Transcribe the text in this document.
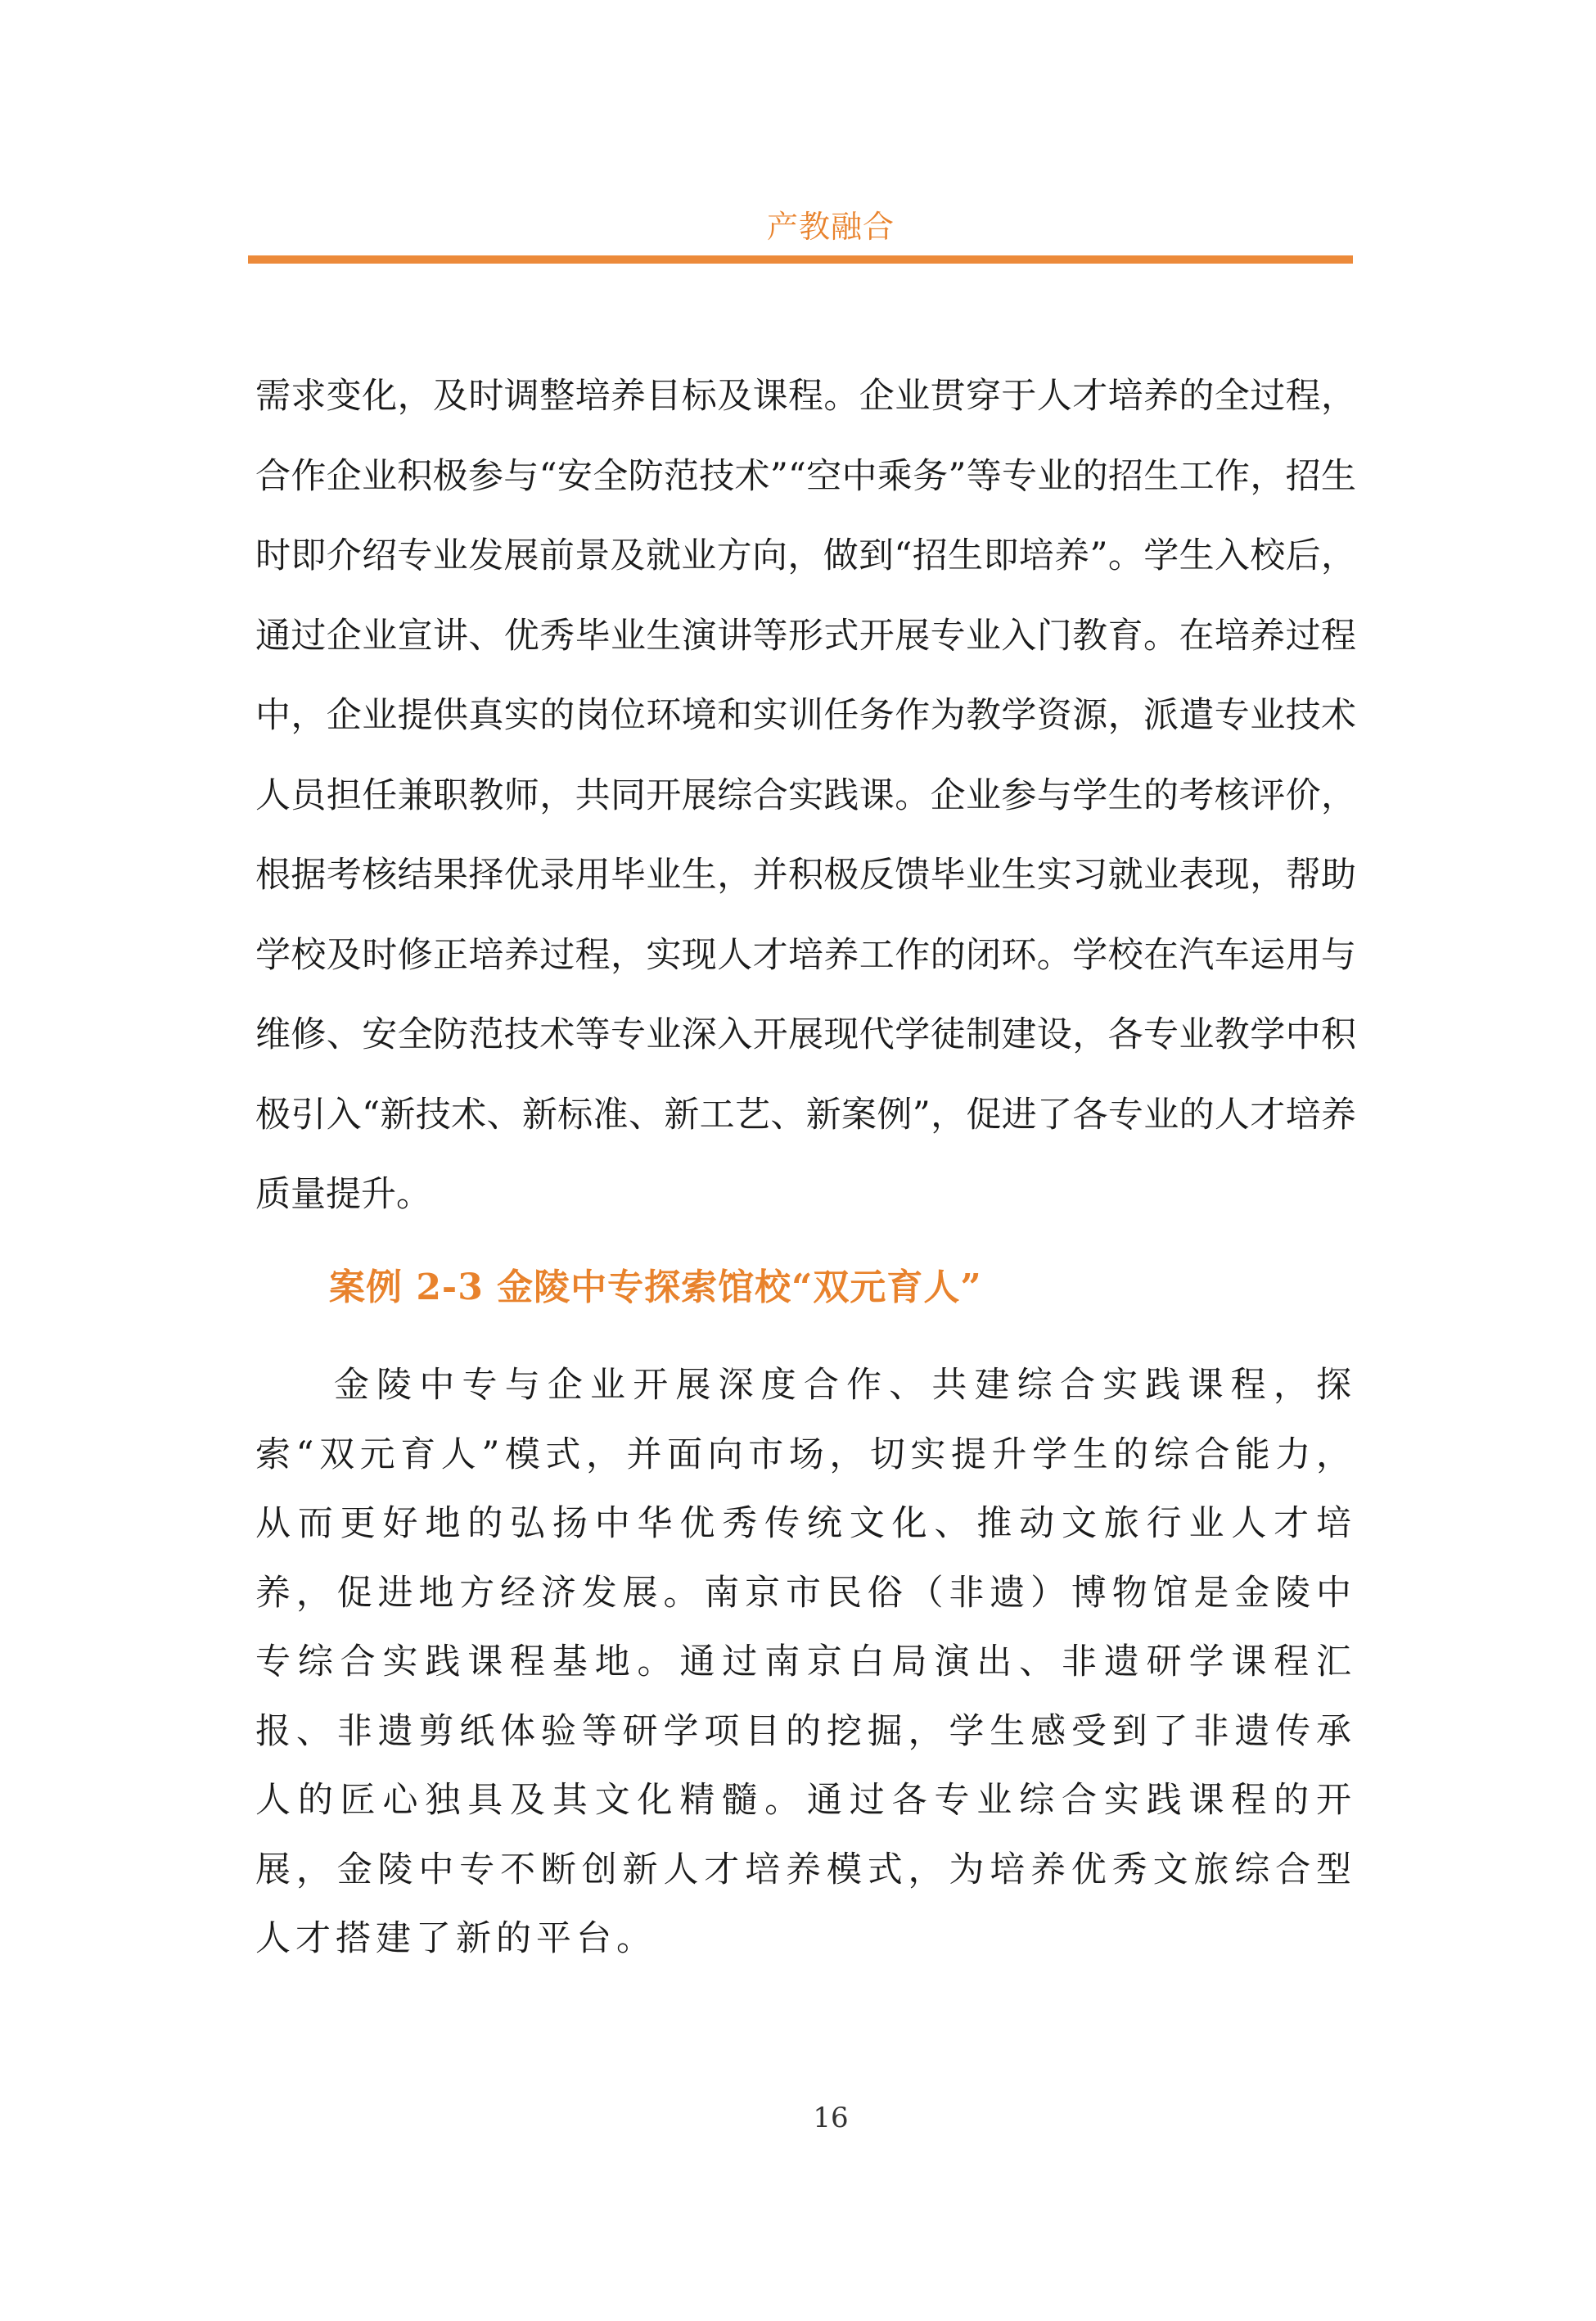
产教融合

需求变化，及时调整培养目标及课程。企业贯穿于人才培养的全过程，合作企业积极参与“安全防范技术”“空中乘务”等专业的招生工作，招生时即介绍专业发展前景及就业方向，做到“招生即培养”。学生入校后，通过企业宣讲、优秀毕业生演讲等形式开展专业入门教育。在培养过程中，企业提供真实的岗位环境和实训任务作为教学资源，派遣专业技术人员担任兼职教师，共同开展综合实践课。企业参与学生的考核评价，根据考核结果择优录用毕业生，并积极反馈毕业生实习就业表现，帮助学校及时修正培养过程，实现人才培养工作的闭环。学校在汽车运用与维修、安全防范技术等专业深入开展现代学徒制建设，各专业教学中积极引入“新技术、新标准、新工艺、新案例”，促进了各专业的人才培养质量提升。

案例 2-3 金陵中专探索馆校“双元育人”

金陵中专与企业开展深度合作、共建综合实践课程，探索“双元育人”模式，并面向市场，切实提升学生的综合能力，从而更好地的弘扬中华优秀传统文化、推动文旅行业人才培养，促进地方经济发展。南京市民俗（非遗）博物馆是金陵中专综合实践课程基地。通过南京白局演出、非遗研学课程汇报、非遗剪纸体验等研学项目的挖掘，学生感受到了非遗传承人的匠心独具及其文化精髓。通过各专业综合实践课程的开展，金陵中专不断创新人才培养模式，为培养优秀文旅综合型人才搭建了新的平台。

16
